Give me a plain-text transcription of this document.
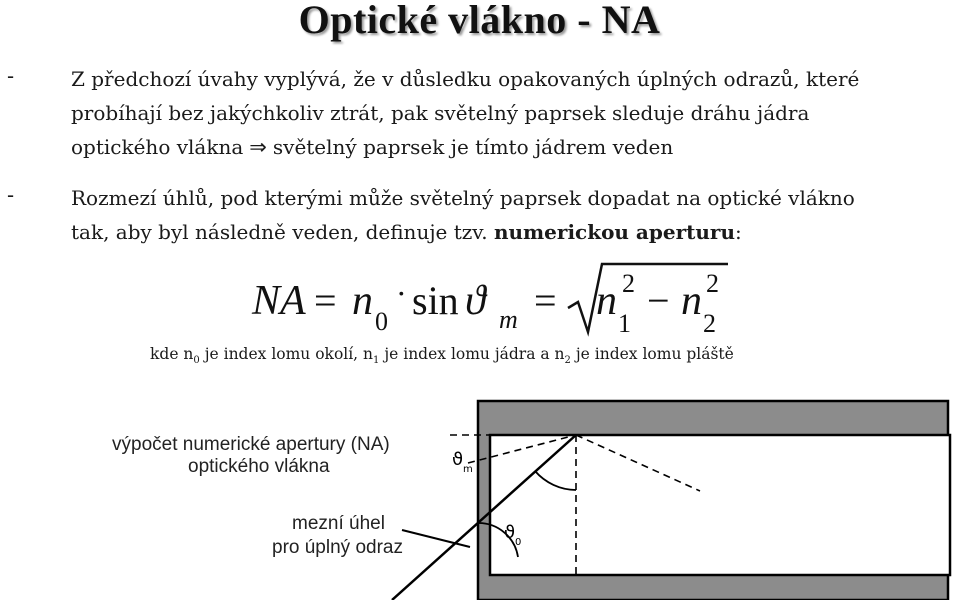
Optické vlákno - NA
-	Z předchozí úvahy vyplývá, že v důsledku opakovaných úplných odrazů, které
probíhají bez jakýchkoliv ztrát, pak světelný paprsek sleduje dráhu jádra
optického vlákna ⇒ světelný paprsek je tímto jádrem veden
-	Rozmezí úhlů, pod kterými může světelný paprsek dopadat na optické vlákno
tak, aby byl následně veden, definuje tzv. numerickou aperturu:
NA = n 0
· sin ϑ m = n 1
2 − n 2
2
kde $n_0$ je index lomu okolí, $n_1$ je index lomu jádra a $n_2$ je index lomu pláště
ϑ m
ϑ 0
výpočet numerické apertury (NA)
optického vlákna
mezní úhel
pro úplný odraz
úplně
odražený
paprsek
